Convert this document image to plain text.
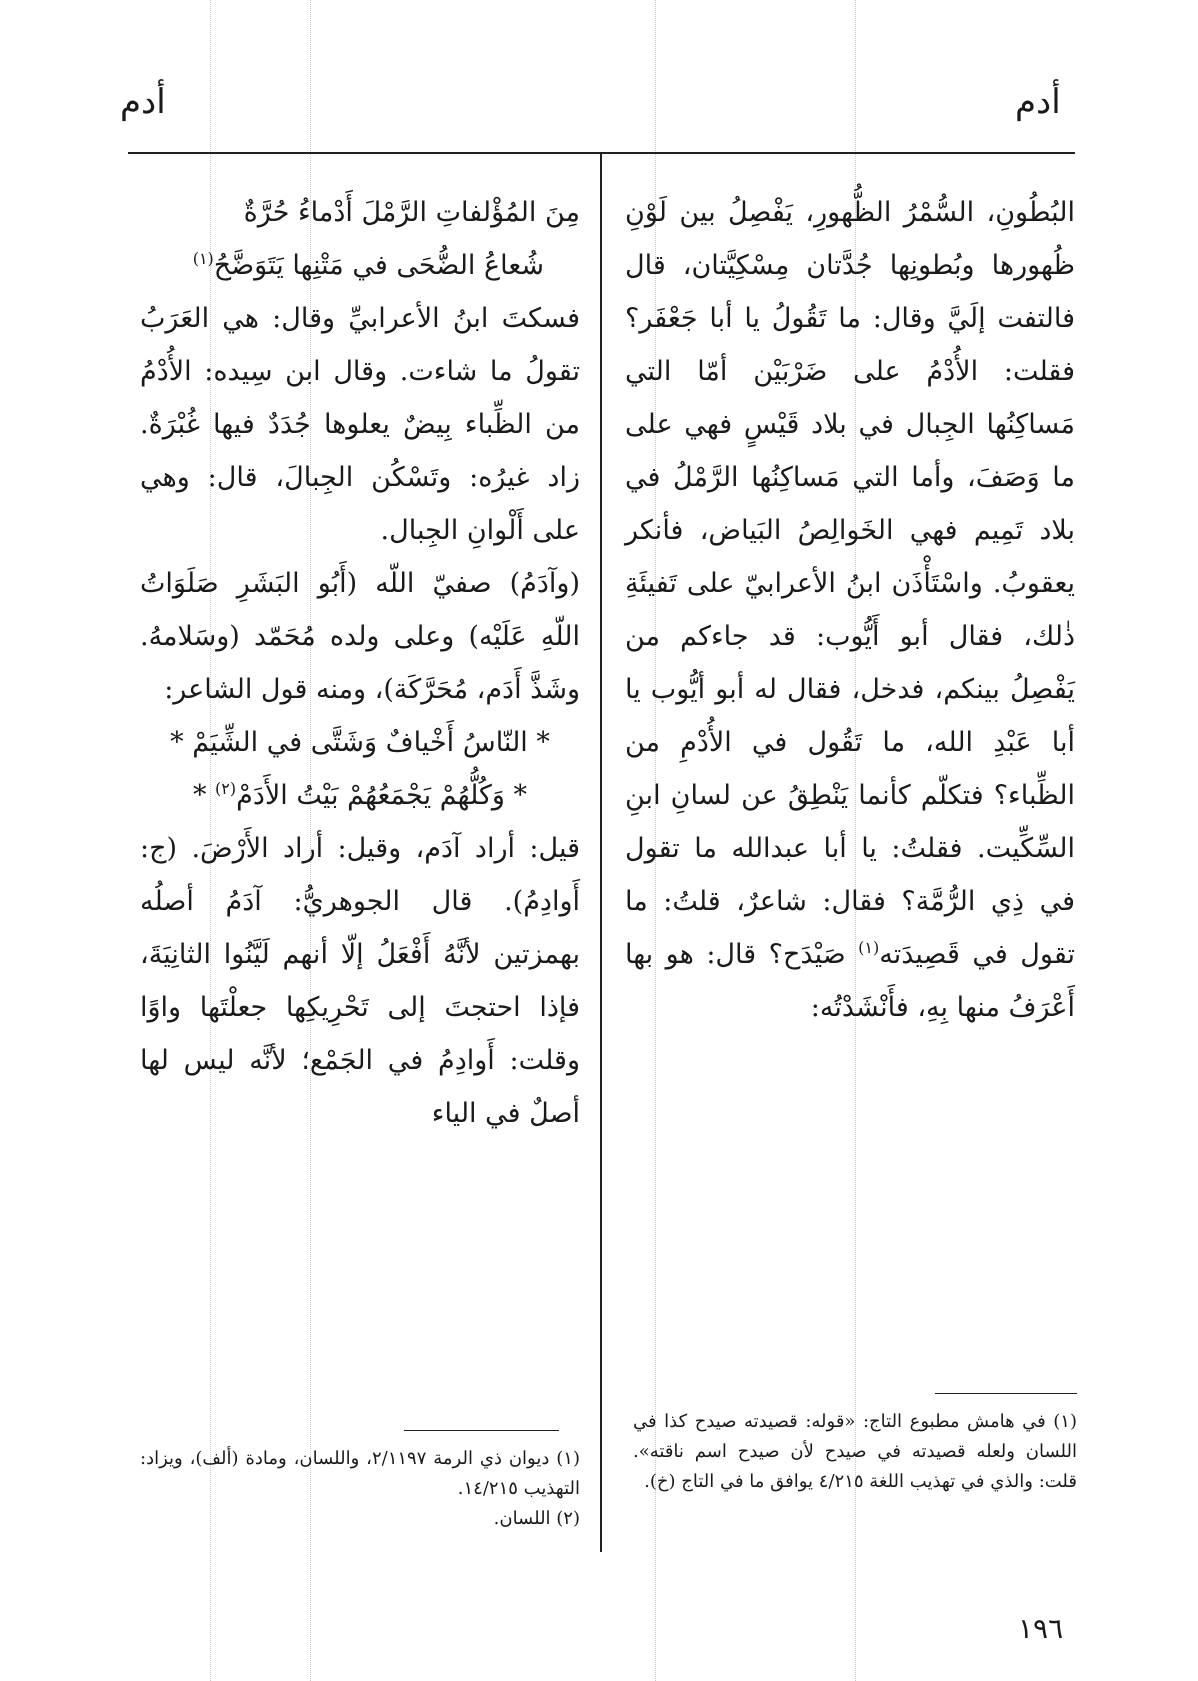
أدم	أدم

البُطُونِ، السُّمْرُ الظُّهورِ، يَفْصِلُ بين لَوْنِ ظُهورها وبُطونِها جُدَّتان مِسْكِيَّتان، قال فالتفت إلَيَّ وقال: ما تَقُولُ يا أبا جَعْفَر؟ فقلت: الأُدْمُ على ضَرْبَيْن أمّا التي مَساكِنُها الجِبال في بلاد قَيْسٍ فهي على ما وَصَفَ، وأما التي مَساكِنُها الرَّمْلُ في بلاد تَمِيم فهي الخَوالِصُ البَياض، فأنكر يعقوبُ. واسْتَأْذَن ابنُ الأعرابيّ على تَفيئَةِ ذٰلك، فقال أبو أَيُّوب: قد جاءكم من يَفْصِلُ بينكم، فدخل، فقال له أبو أيُّوب يا أبا عَبْدِ الله، ما تَقُول في الأُدْمِ من الظِّباء؟ فتكلّم كأنما يَنْطِقُ عن لسانِ ابنِ السِّكِّيت. فقلتُ: يا أبا عبدالله ما تقول في ذِي الرُّمَّة؟ فقال: شاعرٌ، قلتُ: ما تقول في قَصِيدَته$^{(١)}$ صَيْدَح؟ قال: هو بها أَعْرَفُ منها بِهِ، فأَنْشَدْتُه:

مِنَ المُؤْلفاتِ الرَّمْلَ أَدْماءُ حُرَّةٌ

شُعاعُ الضُّحَى في مَتْنِها يَتَوَضَّحُ$^{(١)}$

فسكتَ ابنُ الأعرابيِّ وقال: هي العَرَبُ تقولُ ما شاءت. وقال ابن سِيده: الأُدْمُ من الظِّباء بِيضٌ يعلوها جُدَدٌ فيها غُبْرَةٌ. زاد غيرُه: وتَسْكُن الجِبالَ، قال: وهي على أَلْوانِ الجِبال.

(وآدَمُ) صفيّ اللّه (أَبُو البَشَرِ صَلَوَاتُ اللّهِ عَلَيْه) وعلى ولده مُحَمّد (وسَلامهُ. وشَذَّ أَدَم، مُحَرَّكَة)، ومنه قول الشاعر:

* النّاسُ أَخْيافٌ وَشَتَّى في الشِّيَمْ *

* وَكُلُّهُمْ يَجْمَعُهُمْ بَيْتُ الأَدَمْ$^{(٢)}$ *

قيل: أراد آدَم، وقيل: أراد الأَرْضَ. (ج: أَوادِمُ). قال الجوهريُّ: آدَمُ أصلُه بهمزتين لأنَّهُ أَفْعَلُ إلّا أنهم لَيَّنُوا الثانِيَةَ، فإذا احتجتَ إلى تَحْرِيكِها جعلْتَها واوًا وقلت: أَوادِمُ في الجَمْع؛ لأنَّه ليس لها أصلٌ في الياء

(١) في هامش مطبوع التاج: «قوله: قصيدته صيدح كذا في اللسان ولعله قصيدته في صيدح لأن صيدح اسم ناقته». قلت: والذي في تهذيب اللغة ٤/٢١٥ يوافق ما في التاج (خ).

(١) ديوان ذي الرمة ٢/١١٩٧، واللسان، ومادة (ألف)، ويزاد: التهذيب ١٤/٢١٥.

(٢) اللسان.

١٩٦
